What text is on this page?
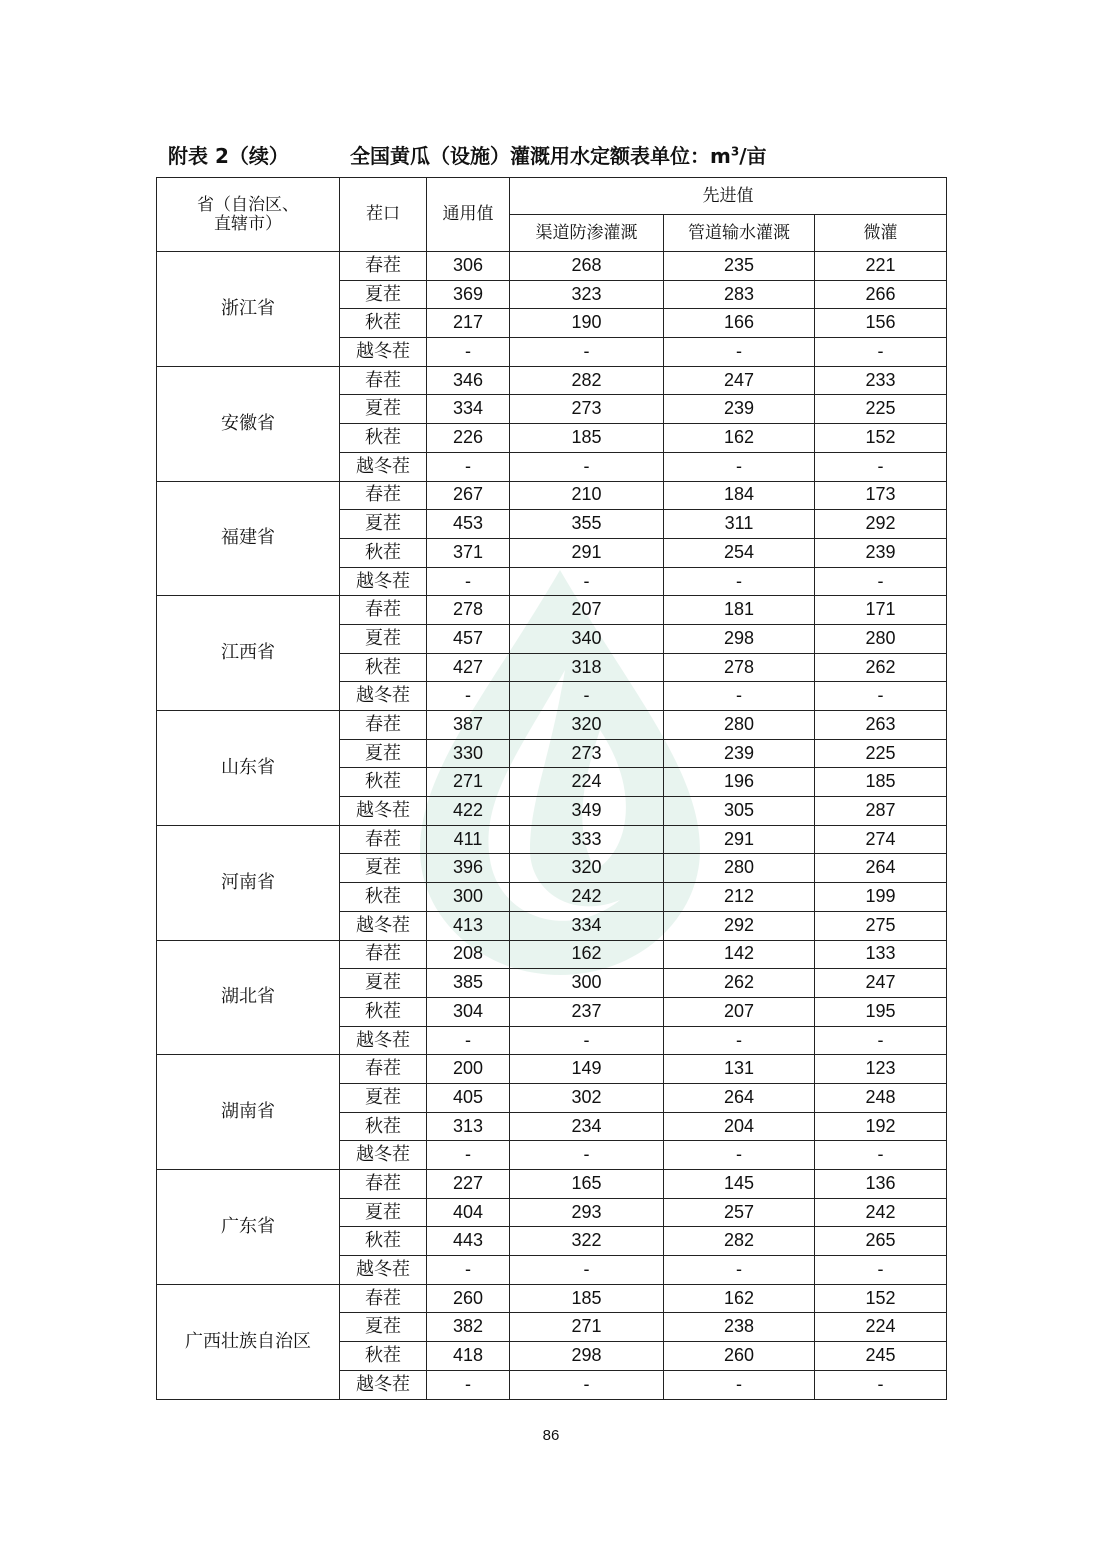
附表 2（续）	全国黄瓜（设施）灌溉用水定额表单位：$m^3/$亩
省（自治区、直辖市）	茬口	通用值	先进值		
			渠道防渗灌溉	管道输水灌溉	微灌
浙江省	春茬	306	268	235	221
	夏茬	369	323	283	266
	秋茬	217	190	166	156
	越冬茬	-	-	-	-
安徽省	春茬	346	282	247	233
	夏茬	334	273	239	225
	秋茬	226	185	162	152
	越冬茬	-	-	-	-
福建省	春茬	267	210	184	173
	夏茬	453	355	311	292
	秋茬	371	291	254	239
	越冬茬	-	-	-	-
江西省	春茬	278	207	181	171
	夏茬	457	340	298	280
	秋茬	427	318	278	262
	越冬茬	-	-	-	-
山东省	春茬	387	320	280	263
	夏茬	330	273	239	225
	秋茬	271	224	196	185
	越冬茬	422	349	305	287
河南省	春茬	411	333	291	274
	夏茬	396	320	280	264
	秋茬	300	242	212	199
	越冬茬	413	334	292	275
湖北省	春茬	208	162	142	133
	夏茬	385	300	262	247
	秋茬	304	237	207	195
	越冬茬	-	-	-	-
湖南省	春茬	200	149	131	123
	夏茬	405	302	264	248
	秋茬	313	234	204	192
	越冬茬	-	-	-	-
广东省	春茬	227	165	145	136
	夏茬	404	293	257	242
	秋茬	443	322	282	265
	越冬茬	-	-	-	-
广西壮族自治区	春茬	260	185	162	152
	夏茬	382	271	238	224
	秋茬	418	298	260	245
	越冬茬	-	-	-	-
86
